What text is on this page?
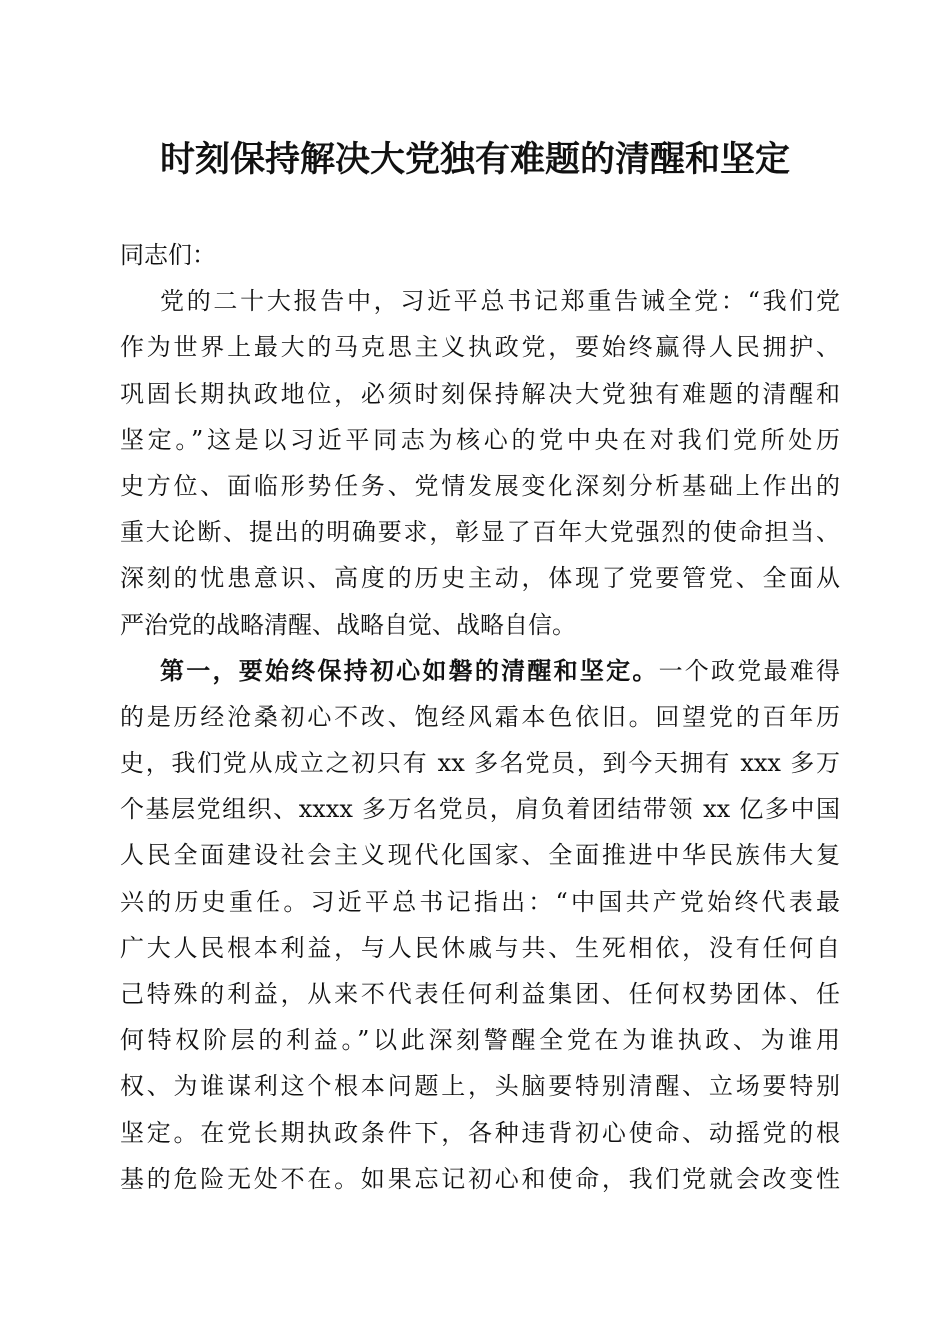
时刻保持解决大党独有难题的清醒和坚定
同志们：
党的二十大报告中，习近平总书记郑重告诫全党：“我们党
作为世界上最大的马克思主义执政党，要始终赢得人民拥护、
巩固长期执政地位，必须时刻保持解决大党独有难题的清醒和
坚定。”这是以习近平同志为核心的党中央在对我们党所处历
史方位、面临形势任务、党情发展变化深刻分析基础上作出的
重大论断、提出的明确要求，彰显了百年大党强烈的使命担当、
深刻的忧患意识、高度的历史主动，体现了党要管党、全面从
严治党的战略清醒、战略自觉、战略自信。
第一，要始终保持初心如磐的清醒和坚定。一个政党最难得
的是历经沧桑初心不改、饱经风霜本色依旧。回望党的百年历
史，我们党从成立之初只有 xx 多名党员，到今天拥有 xxx 多万
个基层党组织、xxxx 多万名党员，肩负着团结带领 xx 亿多中国
人民全面建设社会主义现代化国家、全面推进中华民族伟大复
兴的历史重任。习近平总书记指出：“中国共产党始终代表最
广大人民根本利益，与人民休戚与共、生死相依，没有任何自
己特殊的利益，从来不代表任何利益集团、任何权势团体、任
何特权阶层的利益。”以此深刻警醒全党在为谁执政、为谁用
权、为谁谋利这个根本问题上，头脑要特别清醒、立场要特别
坚定。在党长期执政条件下，各种违背初心使命、动摇党的根
基的危险无处不在。如果忘记初心和使命，我们党就会改变性
